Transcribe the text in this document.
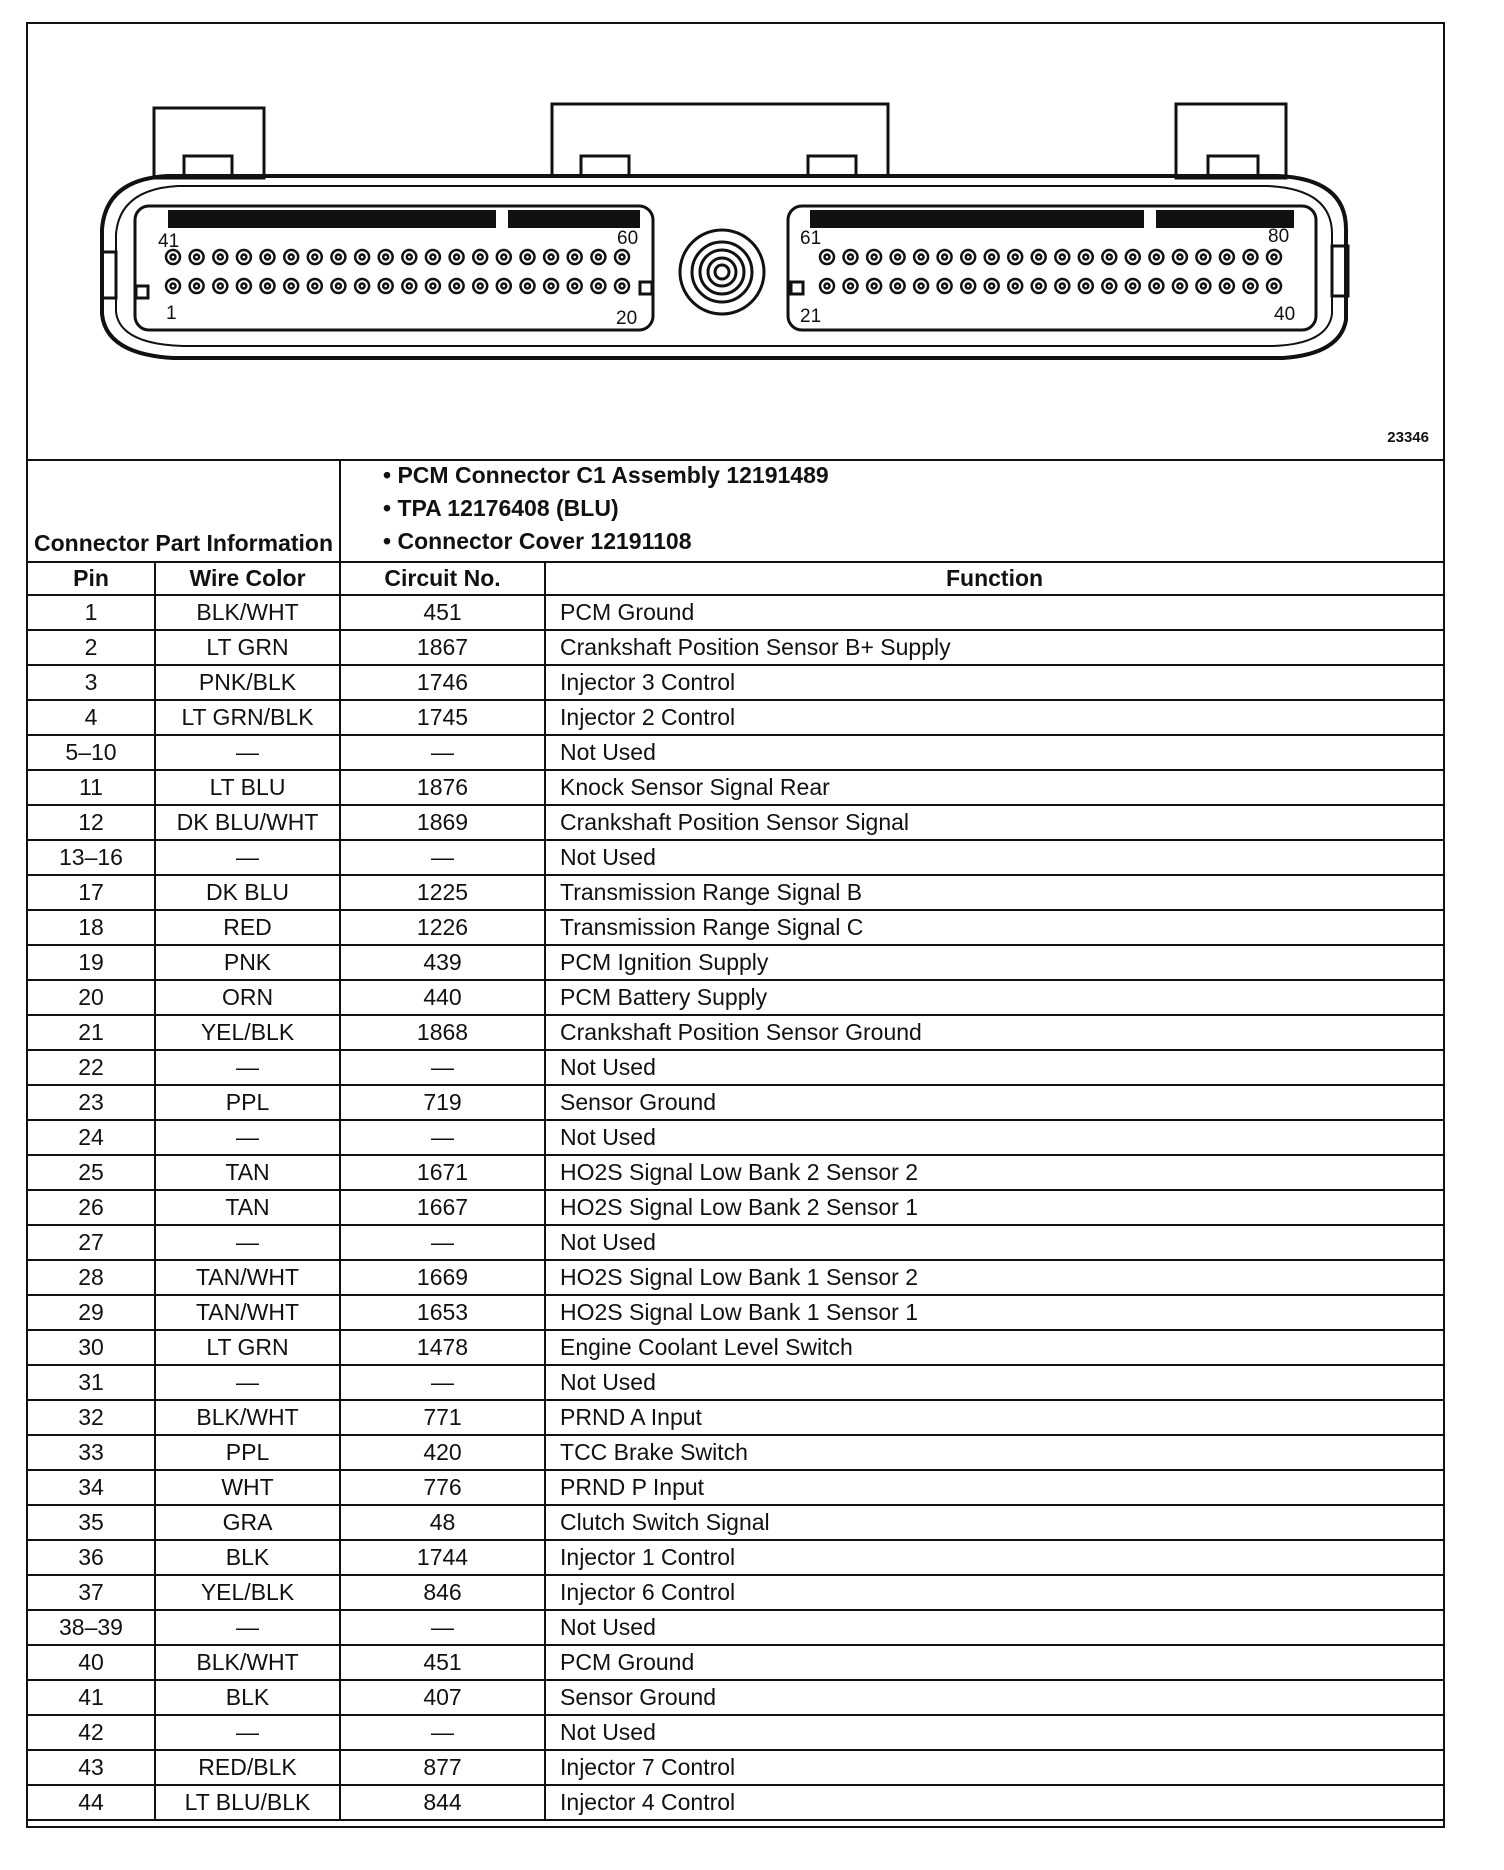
41	60
1	20
61	80
21	40
23346
Connector Part Information		• PCM Connector C1 Assembly 12191489
• TPA 12176408 (BLU)
• Connector Cover 12191108	

Pin	Wire Color	Circuit No.	Function
1	BLK/WHT	451	PCM Ground
2	LT GRN	1867	Crankshaft Position Sensor B+ Supply
3	PNK/BLK	1746	Injector 3 Control
4	LT GRN/BLK	1745	Injector 2 Control
5–10	—	—	Not Used
11	LT BLU	1876	Knock Sensor Signal Rear
12	DK BLU/WHT	1869	Crankshaft Position Sensor Signal
13–16	—	—	Not Used
17	DK BLU	1225	Transmission Range Signal B
18	RED	1226	Transmission Range Signal C
19	PNK	439	PCM Ignition Supply
20	ORN	440	PCM Battery Supply
21	YEL/BLK	1868	Crankshaft Position Sensor Ground
22	—	—	Not Used
23	PPL	719	Sensor Ground
24	—	—	Not Used
25	TAN	1671	HO2S Signal Low Bank 2 Sensor 2
26	TAN	1667	HO2S Signal Low Bank 2 Sensor 1
27	—	—	Not Used
28	TAN/WHT	1669	HO2S Signal Low Bank 1 Sensor 2
29	TAN/WHT	1653	HO2S Signal Low Bank 1 Sensor 1
30	LT GRN	1478	Engine Coolant Level Switch
31	—	—	Not Used
32	BLK/WHT	771	PRND A Input
33	PPL	420	TCC Brake Switch
34	WHT	776	PRND P Input
35	GRA	48	Clutch Switch Signal
36	BLK	1744	Injector 1 Control
37	YEL/BLK	846	Injector 6 Control
38–39	—	—	Not Used
40	BLK/WHT	451	PCM Ground
41	BLK	407	Sensor Ground
42	—	—	Not Used
43	RED/BLK	877	Injector 7 Control
44	LT BLU/BLK	844	Injector 4 Control
